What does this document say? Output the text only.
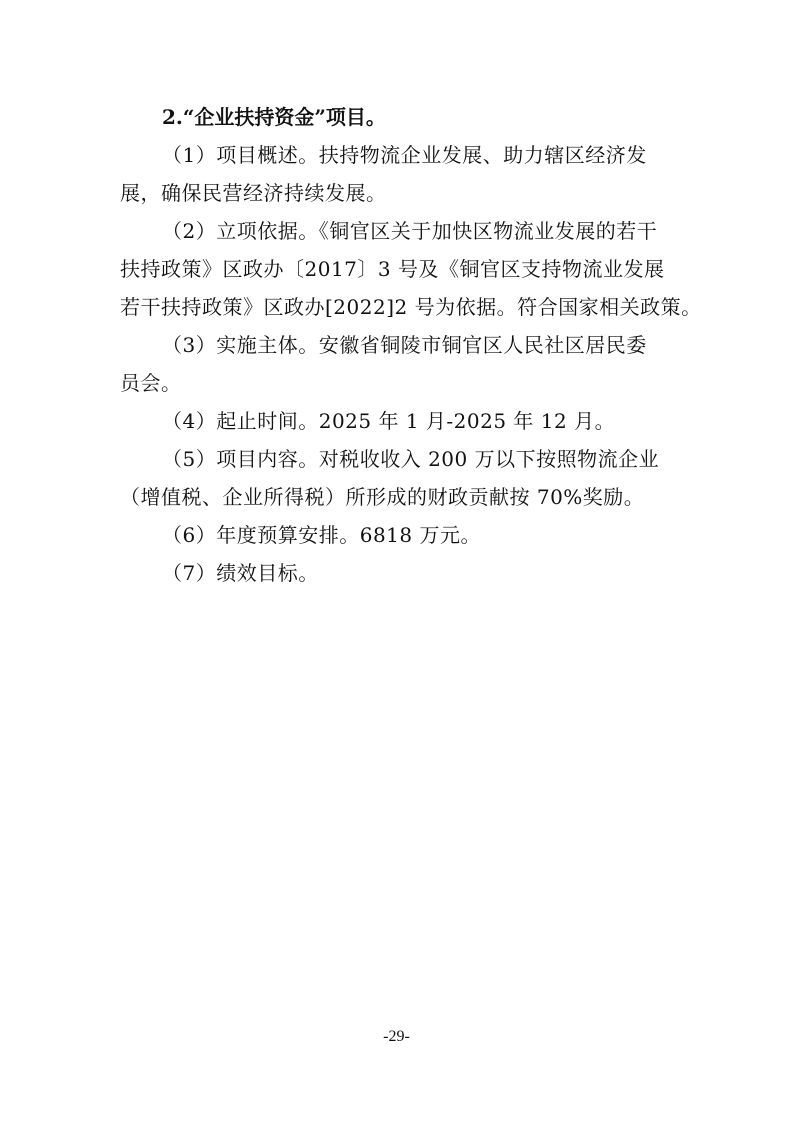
2.“企业扶持资金”项目。

（1）项目概述。扶持物流企业发展、助力辖区经济发
展，确保民营经济持续发展。

（2）立项依据。《铜官区关于加快区物流业发展的若干
扶持政策》区政办〔2017〕3 号及《铜官区支持物流业发展
若干扶持政策》区政办[2022]2 号为依据。符合国家相关政策。

（3）实施主体。安徽省铜陵市铜官区人民社区居民委
员会。

（4）起止时间。2025 年 1 月-2025 年 12 月。

（5）项目内容。对税收收入 200 万以下按照物流企业
（增值税、企业所得税）所形成的财政贡献按 70%奖励。

（6）年度预算安排。6818 万元。

（7）绩效目标。

-29-
